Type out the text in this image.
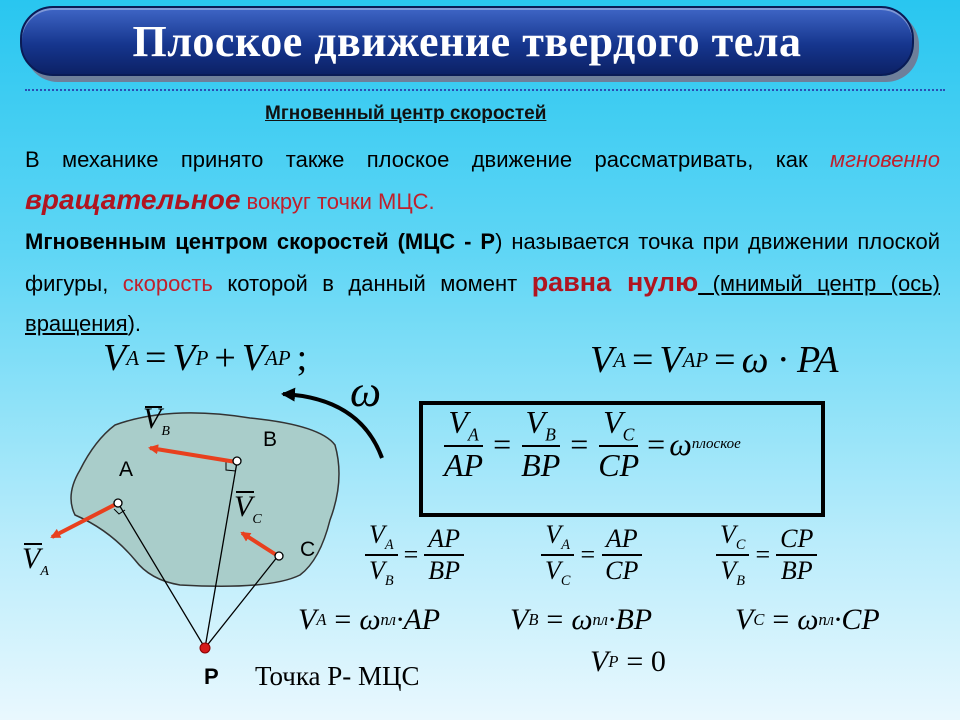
Плоское движение твердого тела
Мгновенный центр скоростей
В механике принято также плоское движение рассматривать, как мгновенно вращательное вокруг точки МЦС.
Мгновенным центром скоростей (МЦС - Р) называется точка при движении плоской фигуры, скорость которой в данный момент равна нулю (мнимый центр (ось) вращения).
V A = V P + V AP ;	V A = V AP = ω · PA
B
A
C
P
$V_B$
$V_C$
$V_A$
ω
$\frac{V_A}{AP} = \frac{V_B}{BP} = \frac{V_C}{CP} = \omega$ плоское
$\frac{V_A}{V_B} = \frac{AP}{BP}$	$\frac{V_A}{V_C} = \frac{AP}{CP}$	$\frac{V_C}{V_B} = \frac{CP}{BP}$
V A = ω пл ·AP V B = ω пл ·BP	V C = ω пл ·CP
V P = 0
Точка Р- МЦС
